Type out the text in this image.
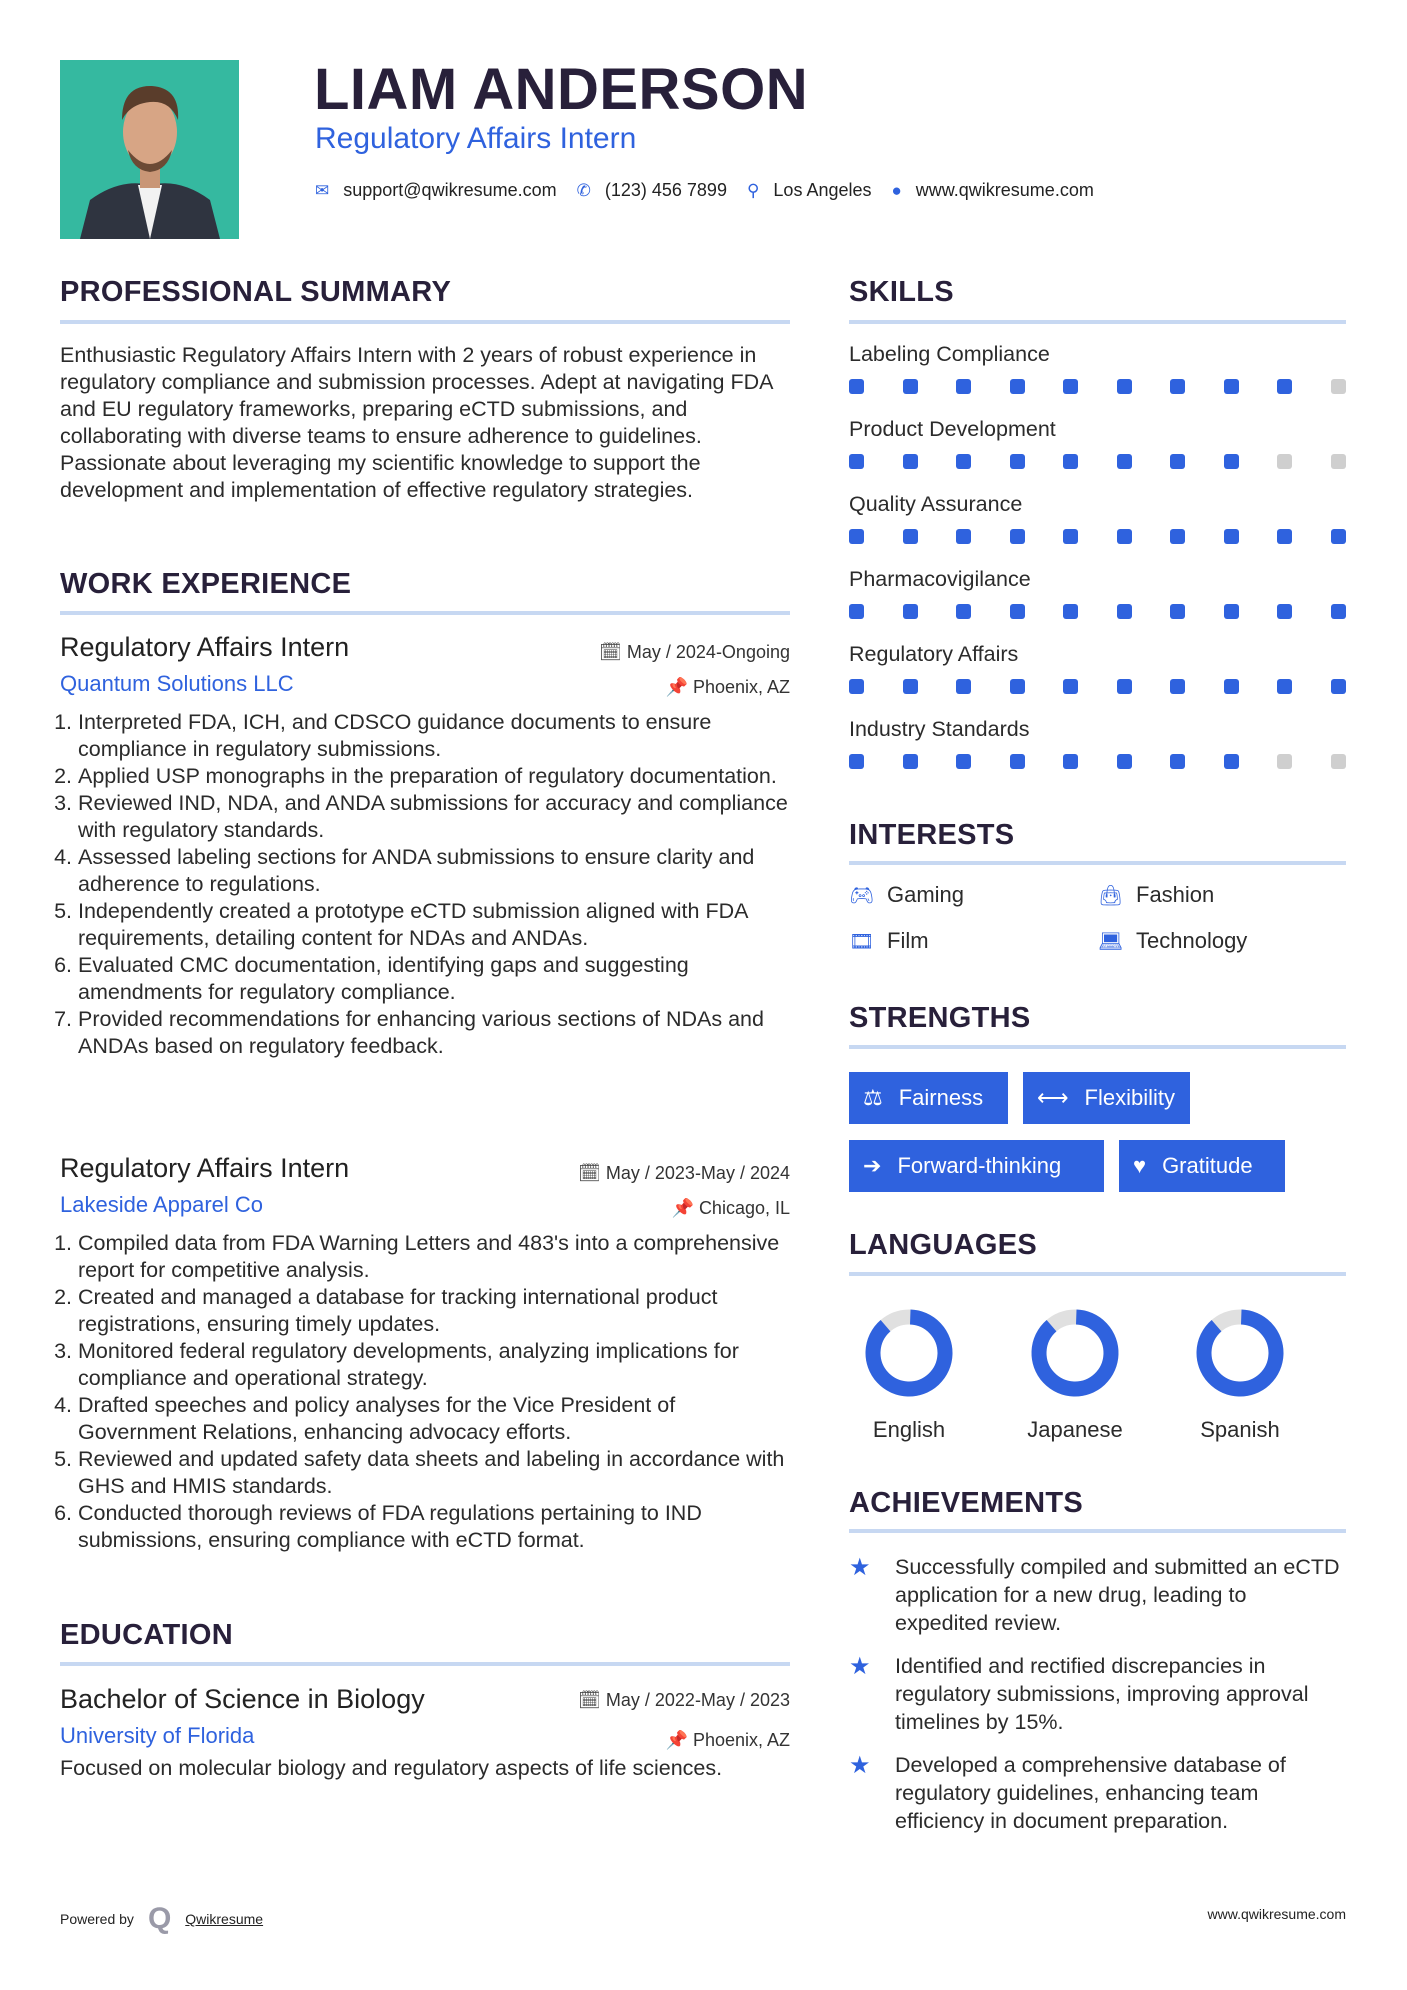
LIAM ANDERSON
Regulatory Affairs Intern
✉ support@qwikresume.com ✆ (123) 456 7899 ⚲ Los Angeles ● www.qwikresume.com
PROFESSIONAL SUMMARY
Enthusiastic Regulatory Affairs Intern with 2 years of robust experience in regulatory compliance and submission processes. Adept at navigating FDA and EU regulatory frameworks, preparing eCTD submissions, and collaborating with diverse teams to ensure adherence to guidelines. Passionate about leveraging my scientific knowledge to support the development and implementation of effective regulatory strategies.
WORK EXPERIENCE
Regulatory Affairs Intern	🗓 May / 2024-Ongoing
Quantum Solutions LLC	📌 Phoenix, AZ
1. Interpreted FDA, ICH, and CDSCO guidance documents to ensure compliance in regulatory submissions.
2. Applied USP monographs in the preparation of regulatory documentation.
3. Reviewed IND, NDA, and ANDA submissions for accuracy and compliance with regulatory standards.
4. Assessed labeling sections for ANDA submissions to ensure clarity and adherence to regulations.
5. Independently created a prototype eCTD submission aligned with FDA requirements, detailing content for NDAs and ANDAs.
6. Evaluated CMC documentation, identifying gaps and suggesting amendments for regulatory compliance.
7. Provided recommendations for enhancing various sections of NDAs and ANDAs based on regulatory feedback.
Regulatory Affairs Intern	🗓 May / 2023-May / 2024
Lakeside Apparel Co	📌 Chicago, IL
1. Compiled data from FDA Warning Letters and 483's into a comprehensive report for competitive analysis.
2. Created and managed a database for tracking international product registrations, ensuring timely updates.
3. Monitored federal regulatory developments, analyzing implications for compliance and operational strategy.
4. Drafted speeches and policy analyses for the Vice President of Government Relations, enhancing advocacy efforts.
5. Reviewed and updated safety data sheets and labeling in accordance with GHS and HMIS standards.
6. Conducted thorough reviews of FDA regulations pertaining to IND submissions, ensuring compliance with eCTD format.
EDUCATION
Bachelor of Science in Biology	🗓 May / 2022-May / 2023
University of Florida	📌 Phoenix, AZ
Focused on molecular biology and regulatory aspects of life sciences.
SKILLS
Labeling Compliance
Product Development
Quality Assurance
Pharmacovigilance
Regulatory Affairs
Industry Standards
INTERESTS
🎮︎ Gaming	👜︎ Fashion
🎞︎ Film	💻︎ Technology
STRENGTHS
⚖ Fairness ⟷ Flexibility
➔ Forward-thinking	♥ Gratitude
LANGUAGES
English	Japanese	Spanish
ACHIEVEMENTS
★	Successfully compiled and submitted an eCTD application for a new drug, leading to expedited review.
★	Identified and rectified discrepancies in regulatory submissions, improving approval timelines by 15%.
★	Developed a comprehensive database of regulatory guidelines, enhancing team efficiency in document preparation.
Powered by Q Qwikresume	www.qwikresume.com
